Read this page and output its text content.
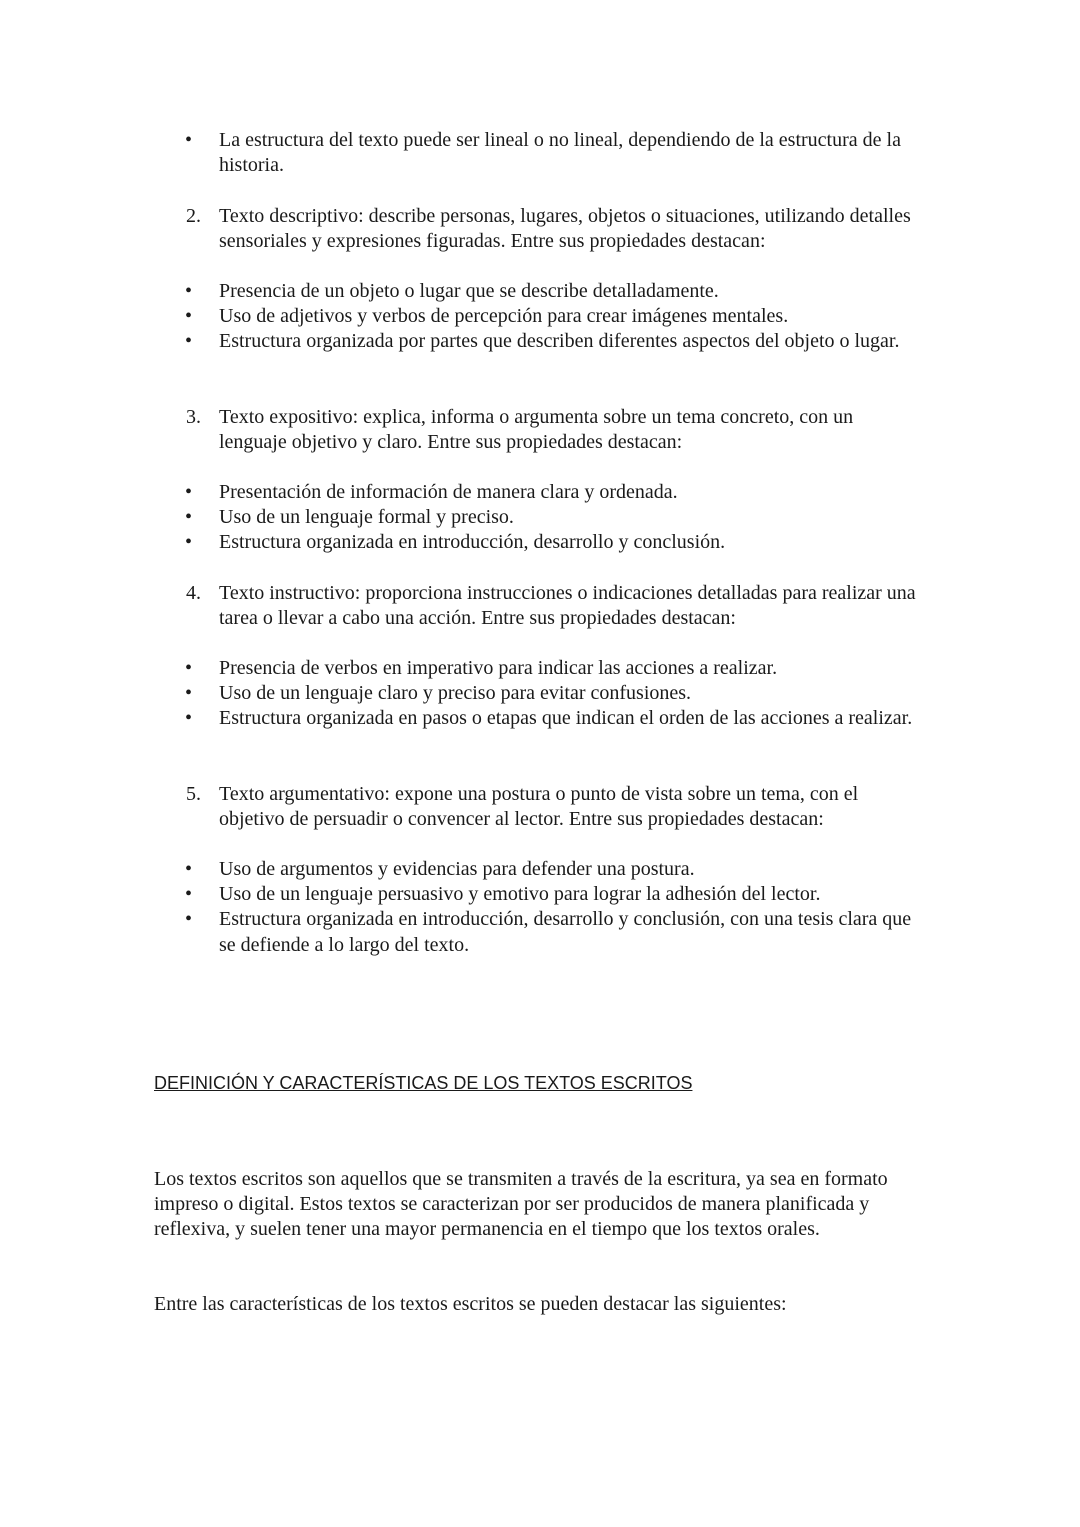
• La estructura del texto puede ser lineal o no lineal, dependiendo de la estructura de la historia.
2. Texto descriptivo: describe personas, lugares, objetos o situaciones, utilizando detalles sensoriales y expresiones figuradas. Entre sus propiedades destacan:
• Presencia de un objeto o lugar que se describe detalladamente.
• Uso de adjetivos y verbos de percepción para crear imágenes mentales.
• Estructura organizada por partes que describen diferentes aspectos del objeto o lugar.
3. Texto expositivo: explica, informa o argumenta sobre un tema concreto, con un lenguaje objetivo y claro. Entre sus propiedades destacan:
• Presentación de información de manera clara y ordenada.
• Uso de un lenguaje formal y preciso.
• Estructura organizada en introducción, desarrollo y conclusión.
4. Texto instructivo: proporciona instrucciones o indicaciones detalladas para realizar una tarea o llevar a cabo una acción. Entre sus propiedades destacan:
• Presencia de verbos en imperativo para indicar las acciones a realizar.
• Uso de un lenguaje claro y preciso para evitar confusiones.
• Estructura organizada en pasos o etapas que indican el orden de las acciones a realizar.
5. Texto argumentativo: expone una postura o punto de vista sobre un tema, con el objetivo de persuadir o convencer al lector. Entre sus propiedades destacan:
• Uso de argumentos y evidencias para defender una postura.
• Uso de un lenguaje persuasivo y emotivo para lograr la adhesión del lector.
• Estructura organizada en introducción, desarrollo y conclusión, con una tesis clara que se defiende a lo largo del texto.
DEFINICIÓN Y CARACTERÍSTICAS DE LOS TEXTOS ESCRITOS
Los textos escritos son aquellos que se transmiten a través de la escritura, ya sea en formato impreso o digital. Estos textos se caracterizan por ser producidos de manera planificada y reflexiva, y suelen tener una mayor permanencia en el tiempo que los textos orales.
Entre las características de los textos escritos se pueden destacar las siguientes:
